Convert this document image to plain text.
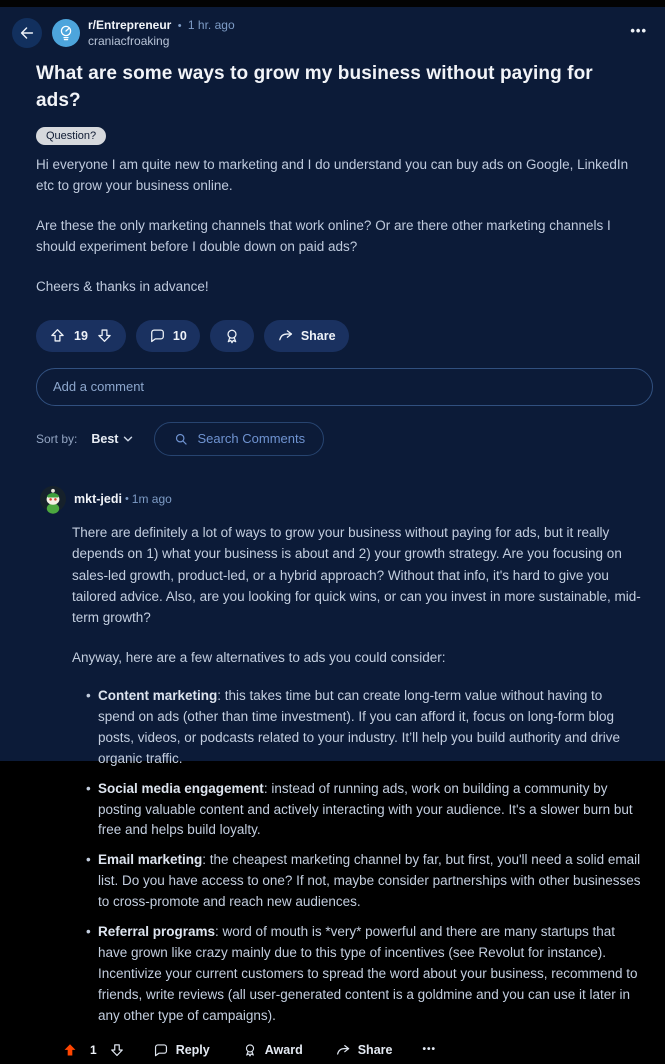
r/Entrepreneur • 1 hr. ago
craniacfroaking
•••
What are some ways to grow my business without paying for ads?
Question?

Hi everyone I am quite new to marketing and I do understand you can buy ads on Google, LinkedIn etc to grow your business online.

Are these the only marketing channels that work online? Or are there other marketing channels I should experiment before I double down on paid ads?

Cheers & thanks in advance!

19	10	Share
Add a comment
Sort by: Best	Search Comments
mkt-jedi • 1m ago

There are definitely a lot of ways to grow your business without paying for ads, but it really depends on 1) what your business is about and 2) your growth strategy. Are you focusing on sales-led growth, product-led, or a hybrid approach? Without that info, it's hard to give you tailored advice. Also, are you looking for quick wins, or can you invest in more sustainable, mid-term growth?

Anyway, here are a few alternatives to ads you could consider:

• Content marketing: this takes time but can create long-term value without having to spend on ads (other than time investment). If you can afford it, focus on long-form blog posts, videos, or podcasts related to your industry. It’ll help you build authority and drive organic traffic.
• Social media engagement: instead of running ads, work on building a community by posting valuable content and actively interacting with your audience. It's a slower burn but free and helps build loyalty.
• Email marketing: the cheapest marketing channel by far, but first, you'll need a solid email list. Do you have access to one? If not, maybe consider partnerships with other businesses to cross-promote and reach new audiences.
• Referral programs: word of mouth is *very* powerful and there are many startups that have grown like crazy mainly due to this type of incentives (see Revolut for instance). Incentivize your current customers to spread the word about your business, recommend to friends, write reviews (all user-generated content is a goldmine and you can use it later in any other type of campaigns).
1	Reply	Award	Share	•••
